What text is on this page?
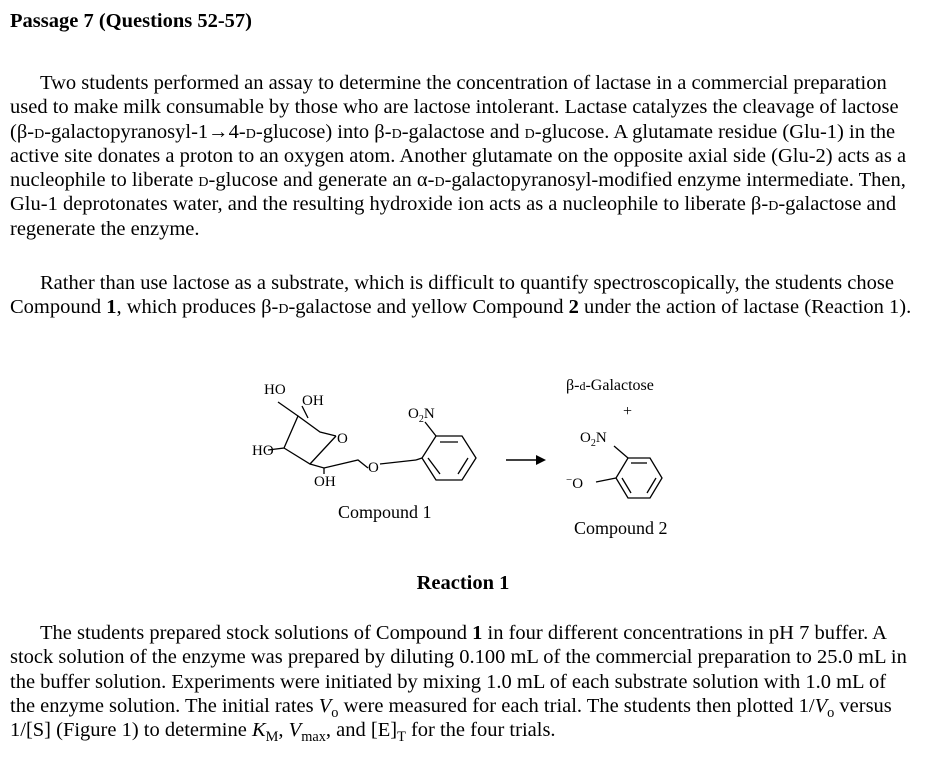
Passage 7 (Questions 52-57)

Two students performed an assay to determine the concentration of lactase in a commercial preparation used to make milk consumable by those who are lactose intolerant. Lactase catalyzes the cleavage of lactose (β-d-galactopyranosyl-1→4-d-glucose) into β-d-galactose and d-glucose. A glutamate residue (Glu-1) in the active site donates a proton to an oxygen atom. Another glutamate on the opposite axial side (Glu-2) acts as a nucleophile to liberate d-glucose and generate an α-d-galactopyranosyl-modified enzyme intermediate. Then, Glu-1 deprotonates water, and the resulting hydroxide ion acts as a nucleophile to liberate β-d-galactose and regenerate the enzyme.

Rather than use lactose as a substrate, which is difficult to quantify spectroscopically, the students chose Compound 1, which produces β-d-galactose and yellow Compound 2 under the action of lactase (Reaction 1).

HO
OH
HO
O
OH
O
$O_2N$
Compound 1
β-d-Galactose
+
$O_2N$
−O
Compound 2
Reaction 1

The students prepared stock solutions of Compound 1 in four different concentrations in pH 7 buffer. A stock solution of the enzyme was prepared by diluting 0.100 mL of the commercial preparation to 25.0 mL in the buffer solution. Experiments were initiated by mixing 1.0 mL of each substrate solution with 1.0 mL of the enzyme solution. The initial rates $V_o$ were measured for each trial. The students then plotted $1/V_o$ versus 1/[S] (Figure 1) to determine $K_M$, $V_{max}$, and $[E]_T$ for the four trials.
